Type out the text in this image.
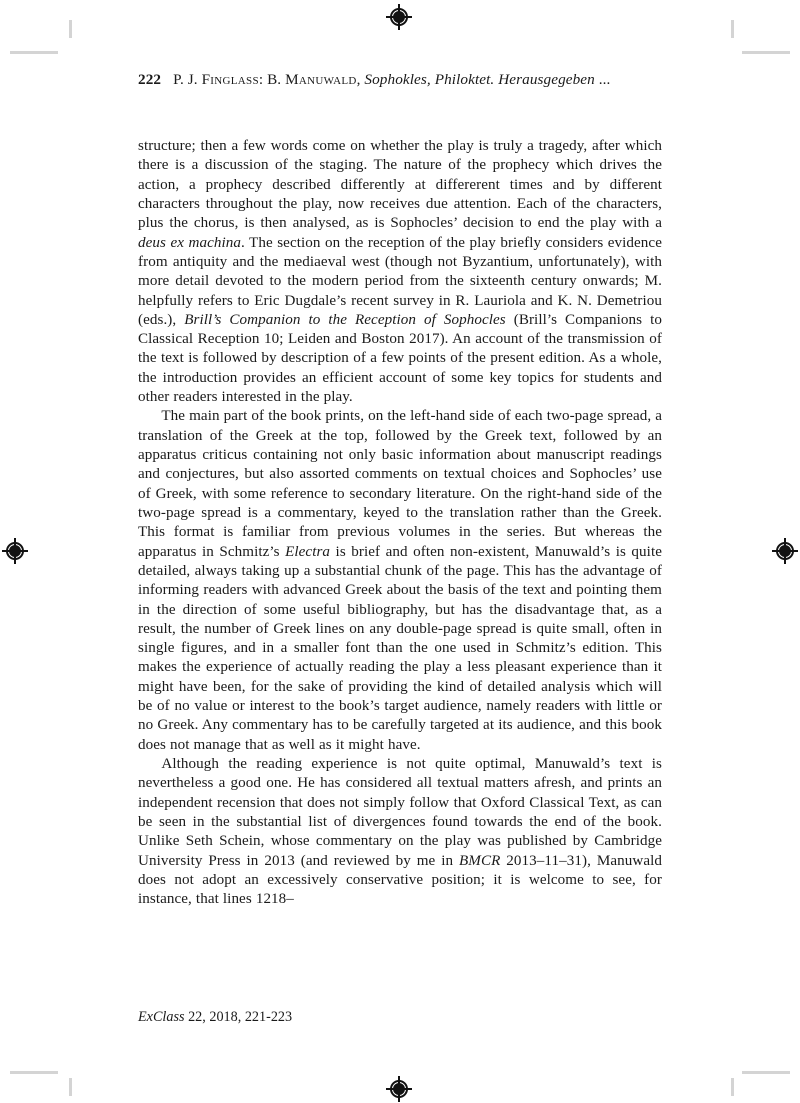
222 P. J. Finglass: B. Manuwald, Sophokles, Philoktet. Herausgegeben ...

structure; then a few words come on whether the play is truly a tragedy, after which there is a discussion of the staging. The nature of the prophecy which drives the action, a prophecy described differently at differerent times and by different characters throughout the play, now receives due attention. Each of the characters, plus the chorus, is then analysed, as is Sophocles’ decision to end the play with a deus ex machina. The section on the reception of the play briefly considers evidence from antiquity and the mediaeval west (though not Byzantium, unfortunately), with more detail devoted to the modern period from the sixteenth century onwards; M. helpfully refers to Eric Dugdale’s recent survey in R. Lauriola and K. N. Demetriou (eds.), Brill’s Companion to the Reception of Sophocles (Brill’s Companions to Classical Reception 10; Leiden and Boston 2017). An account of the transmission of the text is followed by description of a few points of the present edition. As a whole, the introduction provides an efficient account of some key topics for students and other readers interested in the play.

The main part of the book prints, on the left-hand side of each two-page spread, a translation of the Greek at the top, followed by the Greek text, followed by an apparatus criticus containing not only basic information about manuscript readings and conjectures, but also assorted comments on textual choices and Sophocles’ use of Greek, with some reference to secondary literature. On the right-hand side of the two-page spread is a commentary, keyed to the translation rather than the Greek. This format is familiar from previous volumes in the series. But whereas the apparatus in Schmitz’s Electra is brief and often non-existent, Manuwald’s is quite detailed, always taking up a substantial chunk of the page. This has the advantage of informing readers with advanced Greek about the basis of the text and pointing them in the direction of some useful bibliography, but has the disadvantage that, as a result, the number of Greek lines on any double-page spread is quite small, often in single figures, and in a smaller font than the one used in Schmitz’s edition. This makes the experience of actually reading the play a less pleasant experience than it might have been, for the sake of providing the kind of detailed analysis which will be of no value or interest to the book’s target audience, namely readers with little or no Greek. Any commentary has to be carefully targeted at its audience, and this book does not manage that as well as it might have.

Although the reading experience is not quite optimal, Manuwald’s text is nevertheless a good one. He has considered all textual matters afresh, and prints an independent recension that does not simply follow that Oxford Classical Text, as can be seen in the substantial list of divergences found towards the end of the book. Unlike Seth Schein, whose commentary on the play was published by Cambridge University Press in 2013 (and reviewed by me in BMCR 2013–11–31), Manuwald does not adopt an excessively conservative position; it is welcome to see, for instance, that lines 1218–

ExClass 22, 2018, 221-223
